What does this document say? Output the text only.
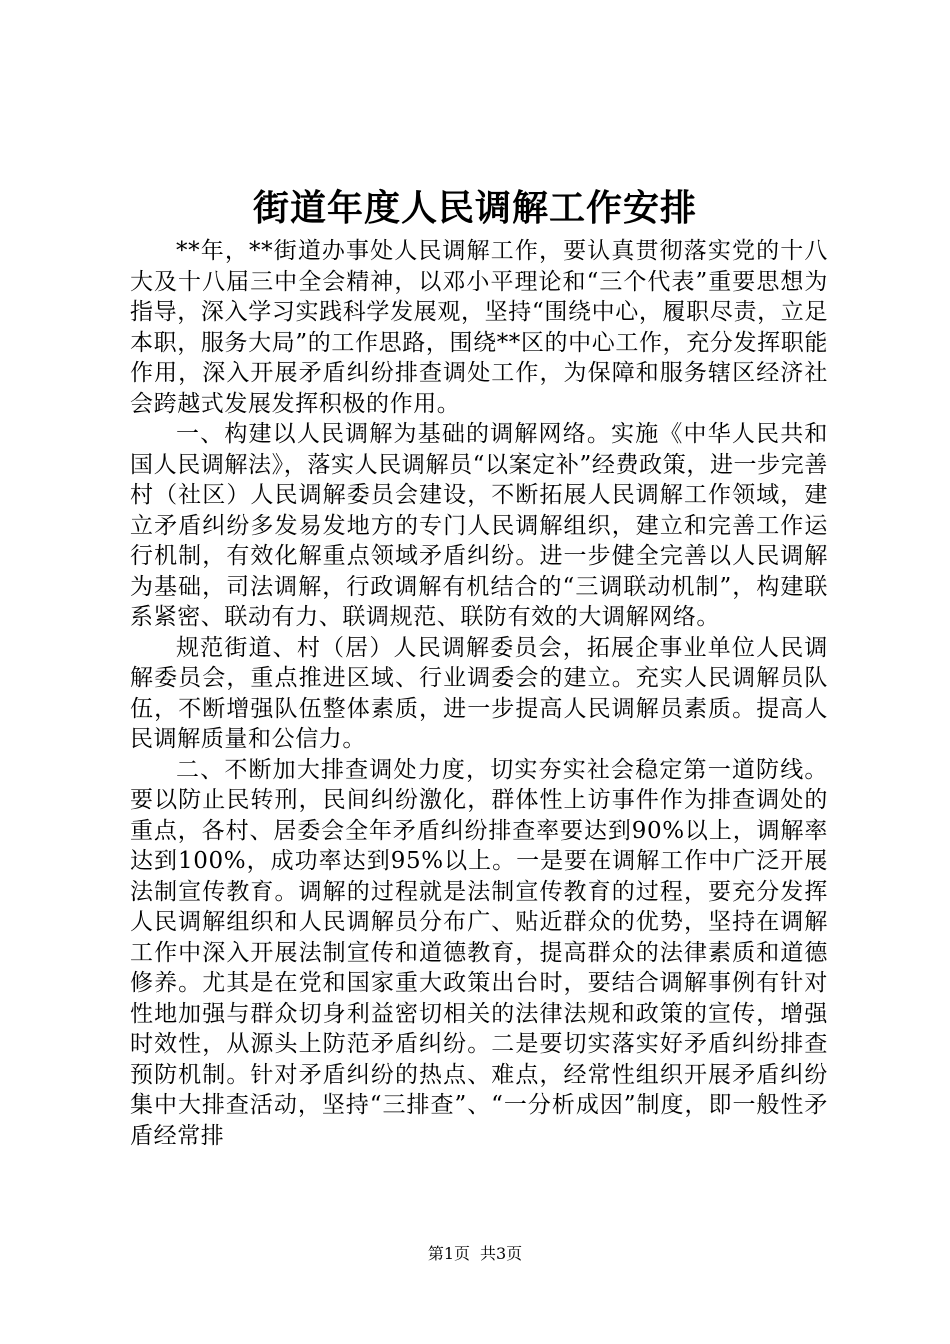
街道年度人民调解工作安排

**年，**街道办事处人民调解工作，要认真贯彻落实党的十八大及十八届三中全会精神，以邓小平理论和“三个代表”重要思想为指导，深入学习实践科学发展观，坚持“围绕中心，履职尽责，立足本职，服务大局”的工作思路，围绕**区的中心工作，充分发挥职能作用，深入开展矛盾纠纷排查调处工作，为保障和服务辖区经济社会跨越式发展发挥积极的作用。

一、构建以人民调解为基础的调解网络。实施《中华人民共和国人民调解法》，落实人民调解员“以案定补”经费政策，进一步完善村（社区）人民调解委员会建设，不断拓展人民调解工作领域，建立矛盾纠纷多发易发地方的专门人民调解组织，建立和完善工作运行机制，有效化解重点领域矛盾纠纷。进一步健全完善以人民调解为基础，司法调解，行政调解有机结合的“三调联动机制”，构建联系紧密、联动有力、联调规范、联防有效的大调解网络。

规范街道、村（居）人民调解委员会，拓展企事业单位人民调解委员会，重点推进区域、行业调委会的建立。充实人民调解员队伍，不断增强队伍整体素质，进一步提高人民调解员素质。提高人民调解质量和公信力。

二、不断加大排查调处力度，切实夯实社会稳定第一道防线。要以防止民转刑，民间纠纷激化，群体性上访事件作为排查调处的重点，各村、居委会全年矛盾纠纷排查率要达到90%以上，调解率达到100%，成功率达到95%以上。一是要在调解工作中广泛开展法制宣传教育。调解的过程就是法制宣传教育的过程，要充分发挥人民调解组织和人民调解员分布广、贴近群众的优势，坚持在调解工作中深入开展法制宣传和道德教育，提高群众的法律素质和道德修养。尤其是在党和国家重大政策出台时，要结合调解事例有针对性地加强与群众切身利益密切相关的法律法规和政策的宣传，增强时效性，从源头上防范矛盾纠纷。二是要切实落实好矛盾纠纷排查预防机制。针对矛盾纠纷的热点、难点，经常性组织开展矛盾纠纷集中大排查活动，坚持“三排查”、“一分析成因”制度，即一般性矛盾经常排

第1页 共3页
